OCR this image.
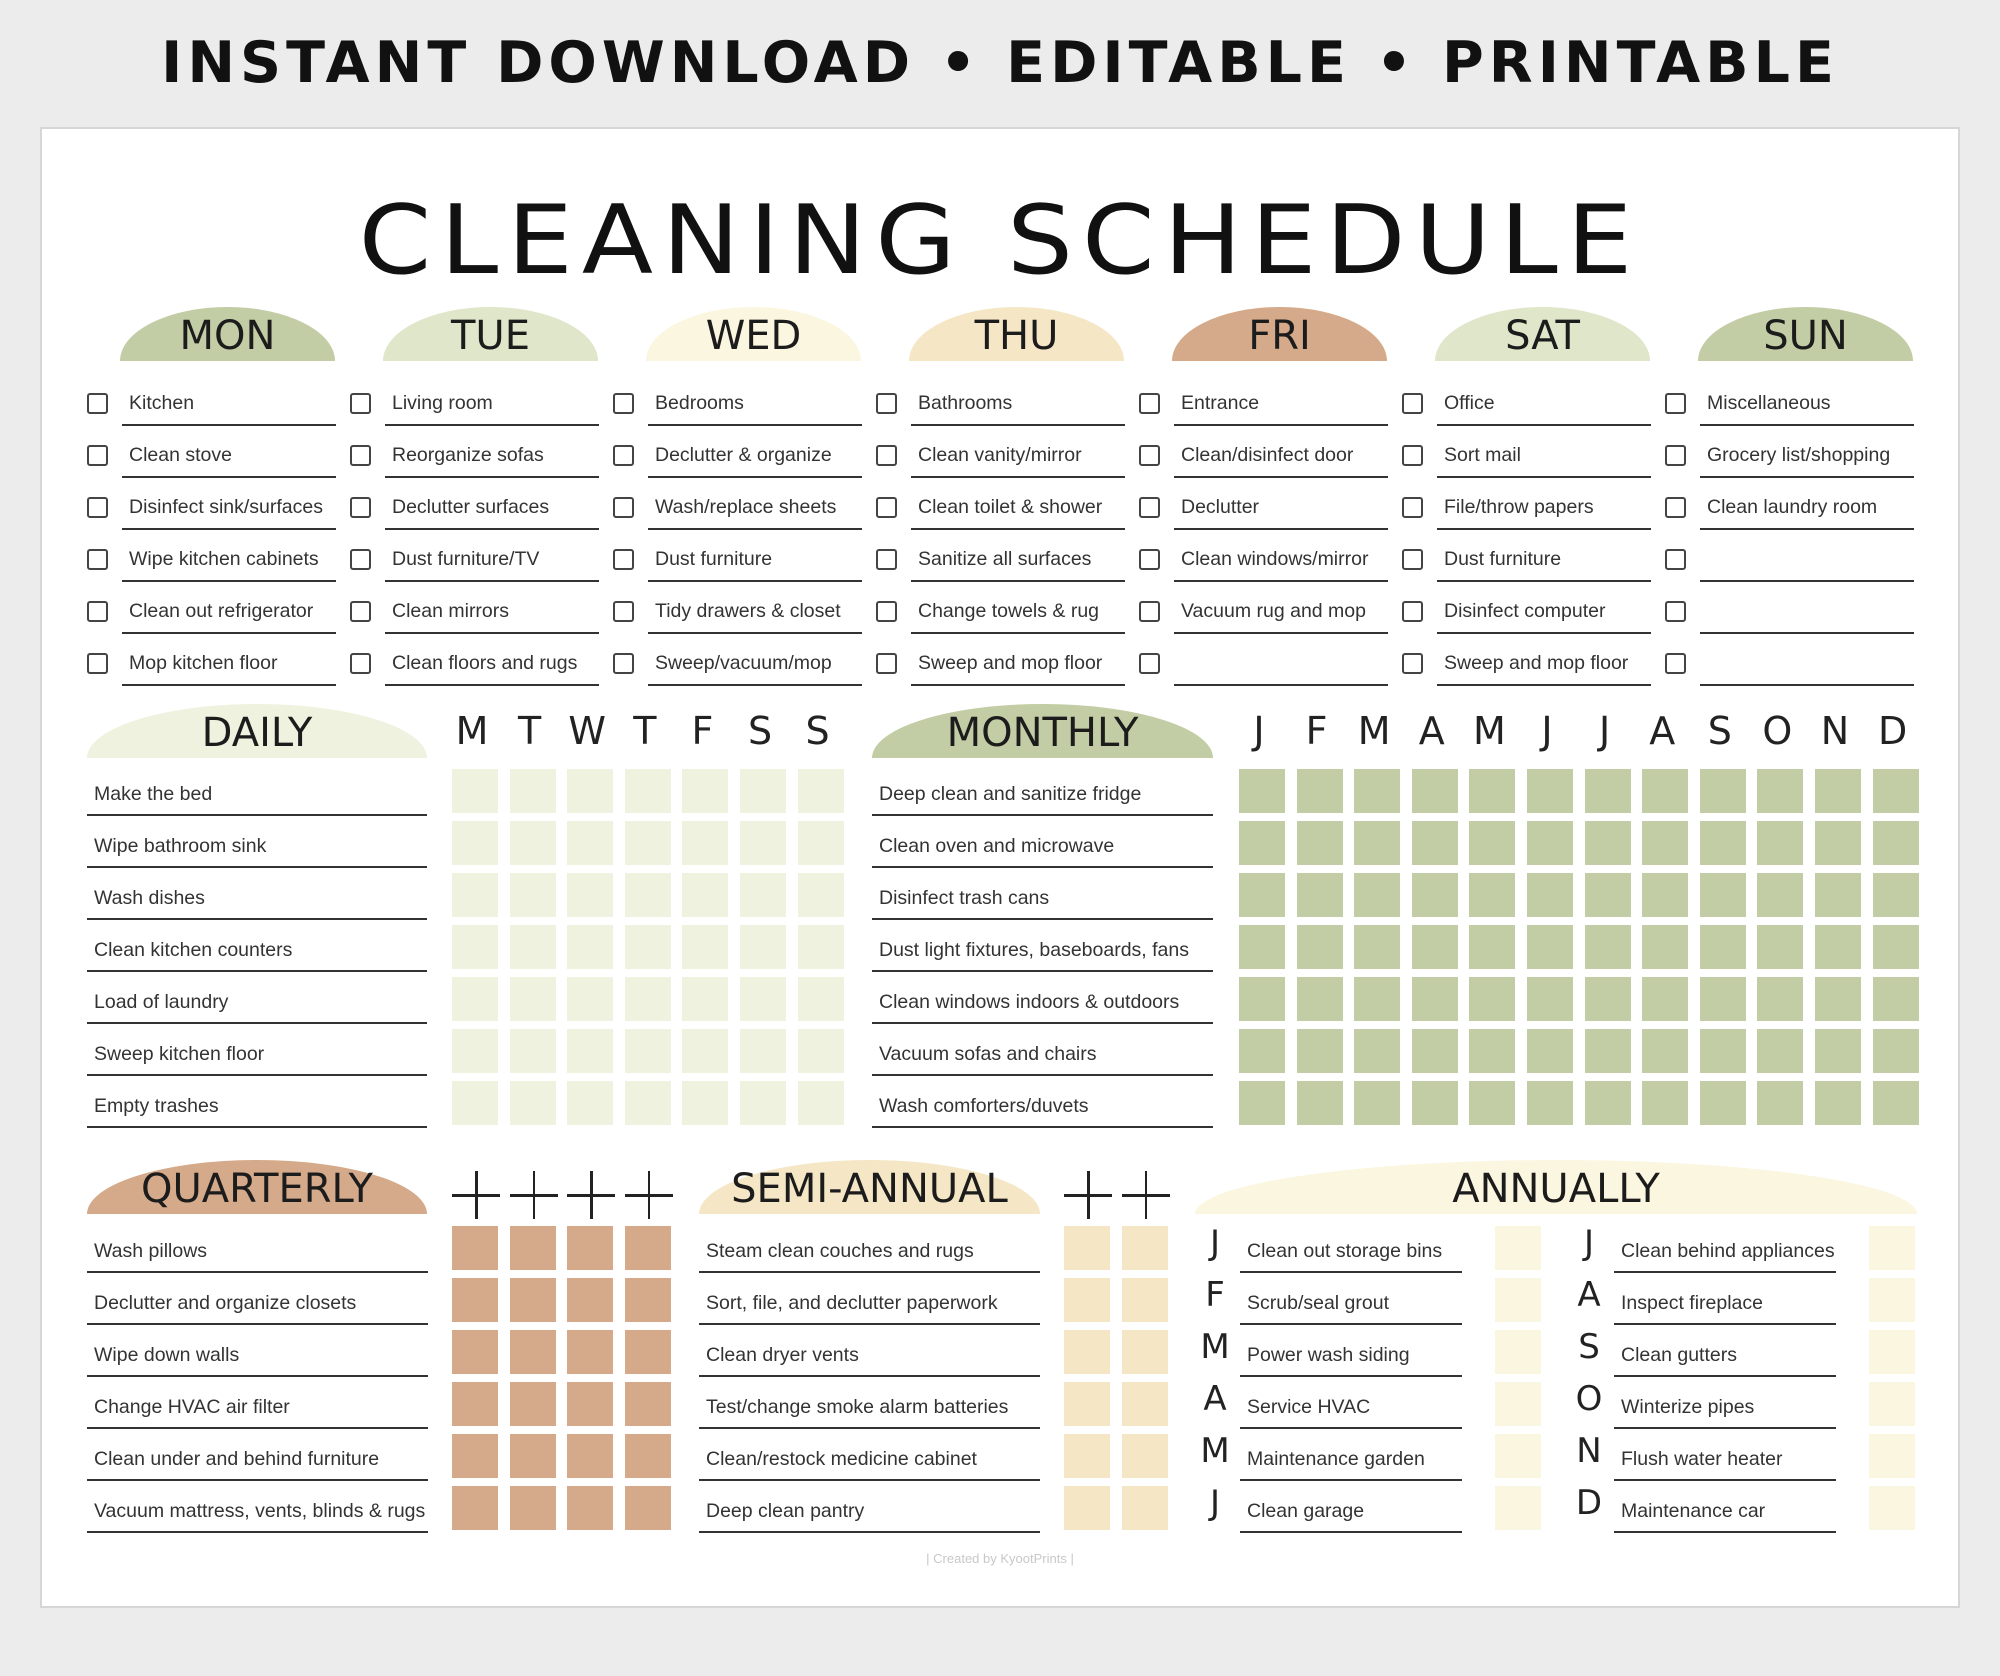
INSTANT DOWNLOAD • EDITABLE • PRINTABLE
CLEANING SCHEDULE
MON
Kitchen
Clean stove
Disinfect sink/surfaces
Wipe kitchen cabinets
Clean out refrigerator
Mop kitchen floor
TUE
Living room
Reorganize sofas
Declutter surfaces
Dust furniture/TV
Clean mirrors
Clean floors and rugs
WED
Bedrooms
Declutter & organize
Wash/replace sheets
Dust furniture
Tidy drawers & closet
Sweep/vacuum/mop
THU
Bathrooms
Clean vanity/mirror
Clean toilet & shower
Sanitize all surfaces
Change towels & rug
Sweep and mop floor
FRI
Entrance
Clean/disinfect door
Declutter
Clean windows/mirror
Vacuum rug and mop
SAT
Office
Sort mail
File/throw papers
Dust furniture
Disinfect computer
Sweep and mop floor
SUN
Miscellaneous
Grocery list/shopping
Clean laundry room
DAILY	M T W T F S S
Make the bed
Wipe bathroom sink
Wash dishes
Clean kitchen counters
Load of laundry
Sweep kitchen floor
Empty trashes
MONTHLY	J	F M A M J	J	A S O N D
Deep clean and sanitize fridge
Clean oven and microwave
Disinfect trash cans
Dust light fixtures, baseboards, fans
Clean windows indoors & outdoors
Vacuum sofas and chairs
Wash comforters/duvets
QUARTERLY
Wash pillows
Declutter and organize closets
Wipe down walls
Change HVAC air filter
Clean under and behind furniture
Vacuum mattress, vents, blinds & rugs
SEMI-ANNUAL
Steam clean couches and rugs
Sort, file, and declutter paperwork
Clean dryer vents
Test/change smoke alarm batteries
Clean/restock medicine cabinet
Deep clean pantry
ANNUALLY
J	Clean out storage bins
F	Scrub/seal grout
M Power wash siding
A	Service HVAC
M Maintenance garden
J	Clean garage
J	Clean behind appliances
A	Inspect fireplace
S	Clean gutters
O Winterize pipes
N Flush water heater
D Maintenance car
| Created by KyootPrints |
